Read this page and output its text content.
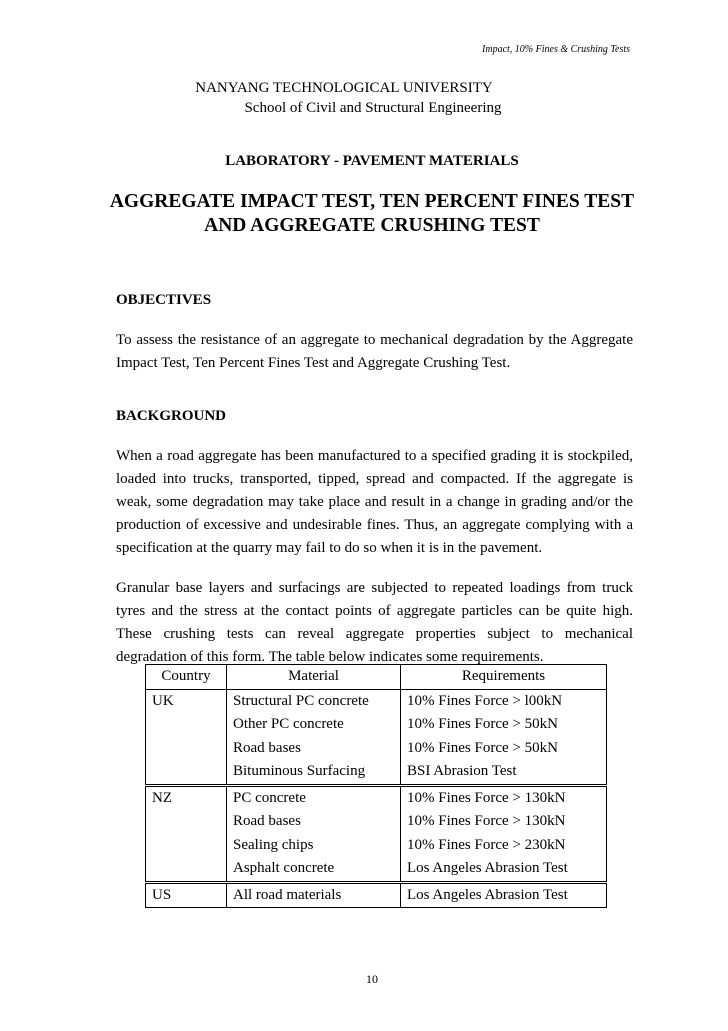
Impact, 10% Fines & Crushing Tests
NANYANG TECHNOLOGICAL UNIVERSITY
School of Civil and Structural Engineering
LABORATORY - PAVEMENT MATERIALS
AGGREGATE IMPACT TEST, TEN PERCENT FINES TEST
AND AGGREGATE CRUSHING TEST
OBJECTIVES
To assess the resistance of an aggregate to mechanical degradation by the Aggregate Impact Test, Ten Percent Fines Test and Aggregate Crushing Test.
BACKGROUND
When a road aggregate has been manufactured to a specified grading it is stockpiled, loaded into trucks, transported, tipped, spread and compacted. If the aggregate is weak, some degradation may take place and result in a change in grading and/or the production of excessive and undesirable fines. Thus, an aggregate complying with a specification at the quarry may fail to do so when it is in the pavement.
Granular base layers and surfacings are subjected to repeated loadings from truck tyres and the stress at the contact points of aggregate particles can be quite high. These crushing tests can reveal aggregate properties subject to mechanical degradation of this form. The table below indicates some requirements.
Country	Material	Requirements
UK	Structural PC concrete	10% Fines Force > l00kN
	Other PC concrete	10% Fines Force > 50kN
	Road bases	10% Fines Force > 50kN
	Bituminous Surfacing	BSI Abrasion Test
NZ	PC concrete	10% Fines Force > 130kN
	Road bases	10% Fines Force > 130kN
	Sealing chips	10% Fines Force > 230kN
	Asphalt concrete	Los Angeles Abrasion Test
US	All road materials	Los Angeles Abrasion Test
10
